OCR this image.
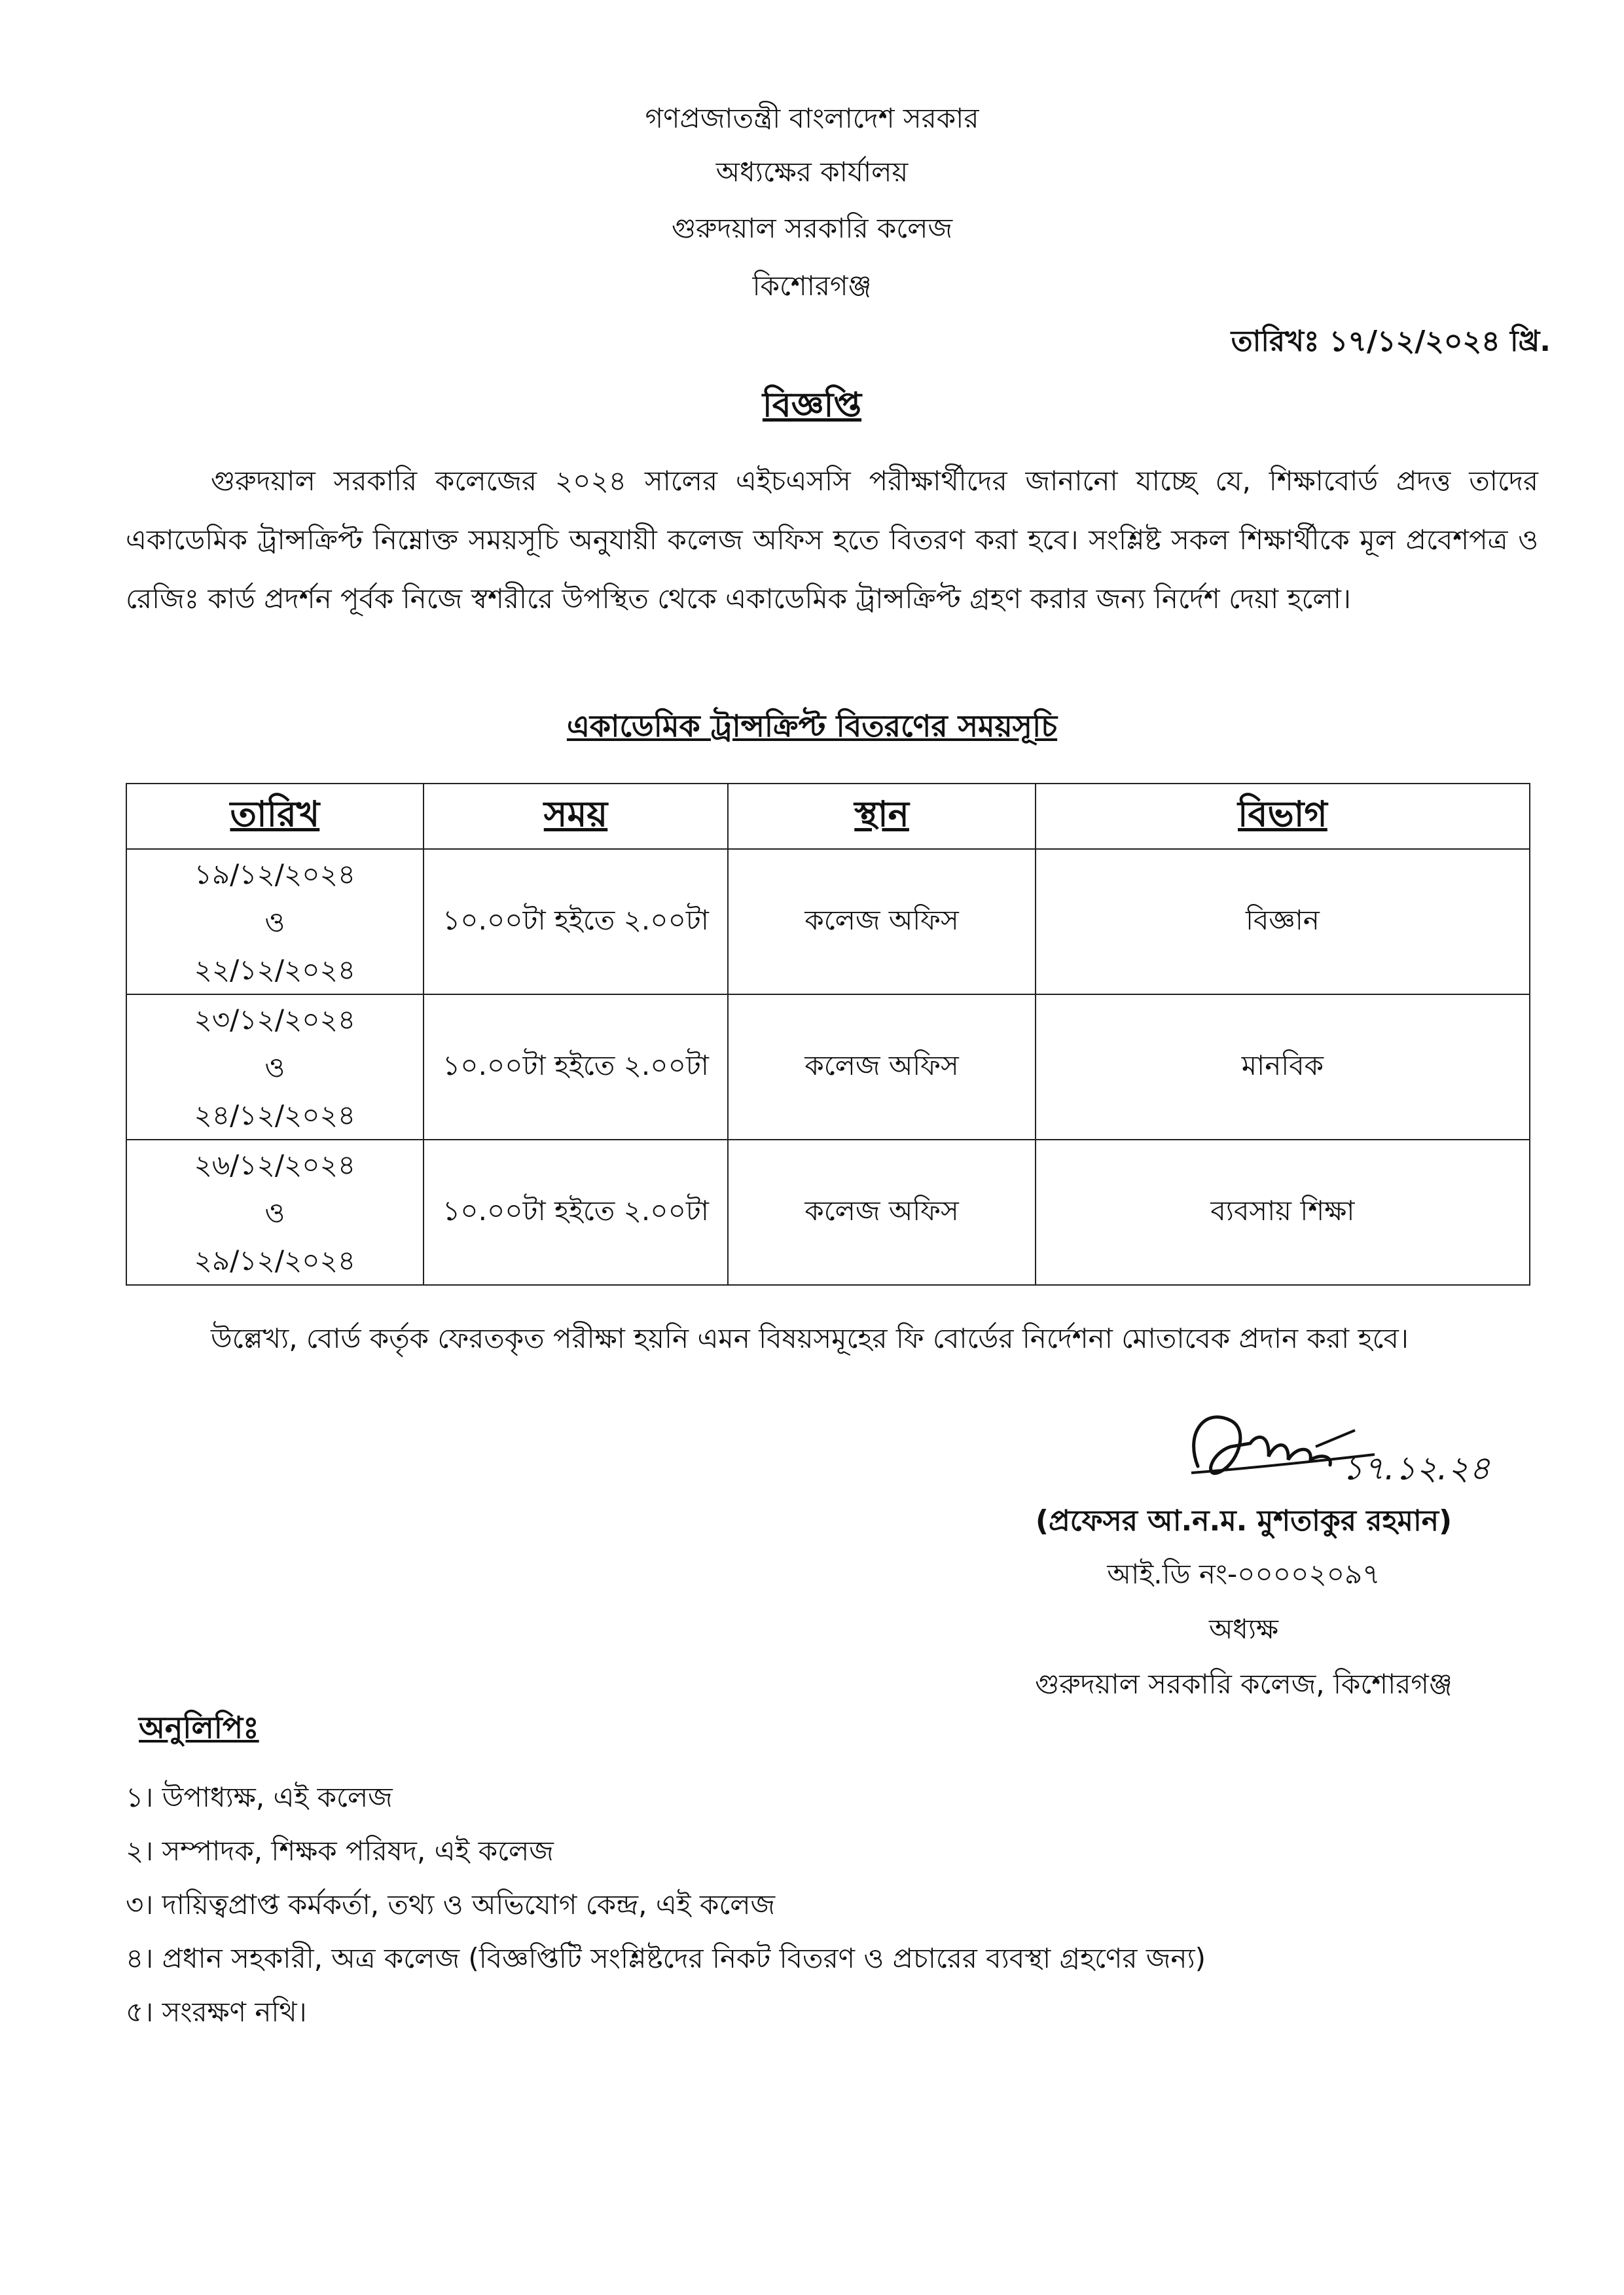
গণপ্রজাতন্ত্রী বাংলাদেশ সরকার
অধ্যক্ষের কার্যালয়
গুরুদয়াল সরকারি কলেজ
কিশোরগঞ্জ
তারিখঃ ১৭/১২/২০২৪ খ্রি.
বিজ্ঞপ্তি

গুরুদয়াল সরকারি কলেজের ২০২৪ সালের এইচএসসি পরীক্ষার্থীদের জানানো যাচ্ছে যে, শিক্ষাবোর্ড প্রদত্ত তাদের একাডেমিক ট্রান্সক্রিপ্ট নিম্নোক্ত সময়সূচি অনুযায়ী কলেজ অফিস হতে বিতরণ করা হবে। সংশ্লিষ্ট সকল শিক্ষার্থীকে মূল প্রবেশপত্র ও রেজিঃ কার্ড প্রদর্শন পূর্বক নিজে স্বশরীরে উপস্থিত থেকে একাডেমিক ট্রান্সক্রিপ্ট গ্রহণ করার জন্য নির্দেশ দেয়া হলো।

একাডেমিক ট্রান্সক্রিপ্ট বিতরণের সময়সূচি
তারিখ	সময়	স্থান	বিভাগ

১৯/১২/২০২৪
ও
২২/১২/২০২৪	১০.০০টা হইতে ২.০০টা	কলেজ অফিস	বিজ্ঞান

২৩/১২/২০২৪
ও
২৪/১২/২০২৪	১০.০০টা হইতে ২.০০টা	কলেজ অফিস	মানবিক

২৬/১২/২০২৪
ও
২৯/১২/২০২৪	১০.০০টা হইতে ২.০০টা	কলেজ অফিস	ব্যবসায় শিক্ষা

উল্লেখ্য, বোর্ড কর্তৃক ফেরতকৃত পরীক্ষা হয়নি এমন বিষয়সমূহের ফি বোর্ডের নির্দেশনা মোতাবেক প্রদান করা হবে।

১৭.১২.২৪
(প্রফেসর আ.ন.ম. মুশতাকুর রহমান)
আই.ডি নং-০০০০২০৯৭
অধ্যক্ষ
গুরুদয়াল সরকারি কলেজ, কিশোরগঞ্জ
অনুলিপিঃ
১। উপাধ্যক্ষ, এই কলেজ
২। সম্পাদক, শিক্ষক পরিষদ, এই কলেজ
৩। দায়িত্বপ্রাপ্ত কর্মকর্তা, তথ্য ও অভিযোগ কেন্দ্র, এই কলেজ
৪। প্রধান সহকারী, অত্র কলেজ (বিজ্ঞপ্তিটি সংশ্লিষ্টদের নিকট বিতরণ ও প্রচারের ব্যবস্থা গ্রহণের জন্য)
৫। সংরক্ষণ নথি।
